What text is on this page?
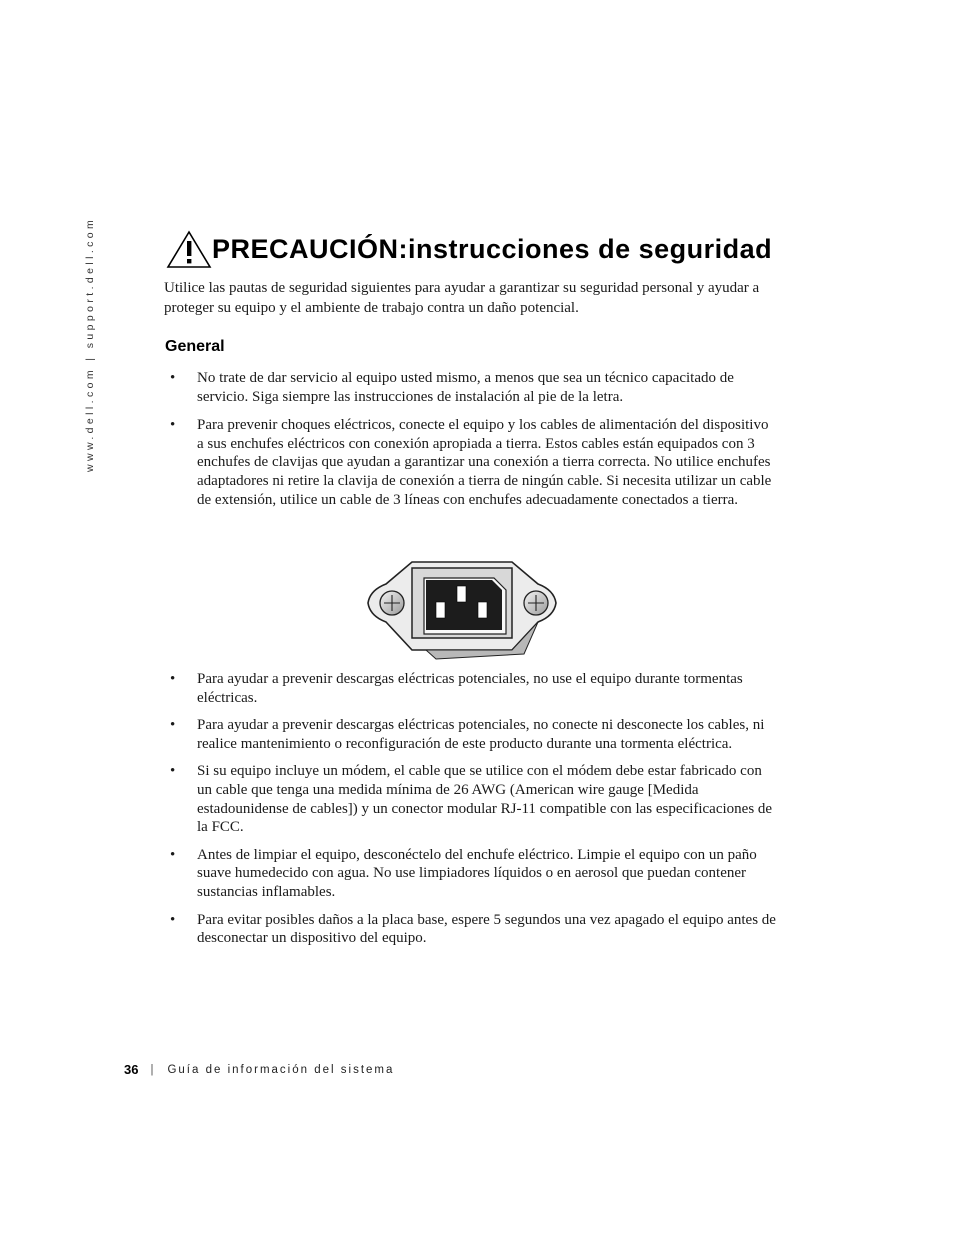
www.dell.com | support.dell.com	PRECAUCIÓN: instrucciones de seguridad
Utilice las pautas de seguridad siguientes para ayudar a garantizar su seguridad personal y ayudar a proteger su equipo y el ambiente de trabajo contra un daño potencial.
General
• No trate de dar servicio al equipo usted mismo, a menos que sea un técnico capacitado de servicio. Siga siempre las instrucciones de instalación al pie de la letra.
• Para prevenir choques eléctricos, conecte el equipo y los cables de alimentación del dispositivo a sus enchufes eléctricos con conexión apropiada a tierra. Estos cables están equipados con 3 enchufes de clavijas que ayudan a garantizar una conexión a tierra correcta. No utilice enchufes adaptadores ni retire la clavija de conexión a tierra de ningún cable. Si necesita utilizar un cable de extensión, utilice un cable de 3 líneas con enchufes adecuadamente conectados a tierra.
• Para ayudar a prevenir descargas eléctricas potenciales, no use el equipo durante tormentas eléctricas.
• Para ayudar a prevenir descargas eléctricas potenciales, no conecte ni desconecte los cables, ni realice mantenimiento o reconfiguración de este producto durante una tormenta eléctrica.
• Si su equipo incluye un módem, el cable que se utilice con el módem debe estar fabricado con un cable que tenga una medida mínima de 26 AWG (American wire gauge [Medida estadounidense de cables]) y un conector modular RJ-11 compatible con las especificaciones de la FCC.
• Antes de limpiar el equipo, desconéctelo del enchufe eléctrico. Limpie el equipo con un paño suave humedecido con agua. No use limpiadores líquidos o en aerosol que puedan contener sustancias inflamables.
• Para evitar posibles daños a la placa base, espere 5 segundos una vez apagado el equipo antes de desconectar un dispositivo del equipo.
36 | Guía de información del sistema
